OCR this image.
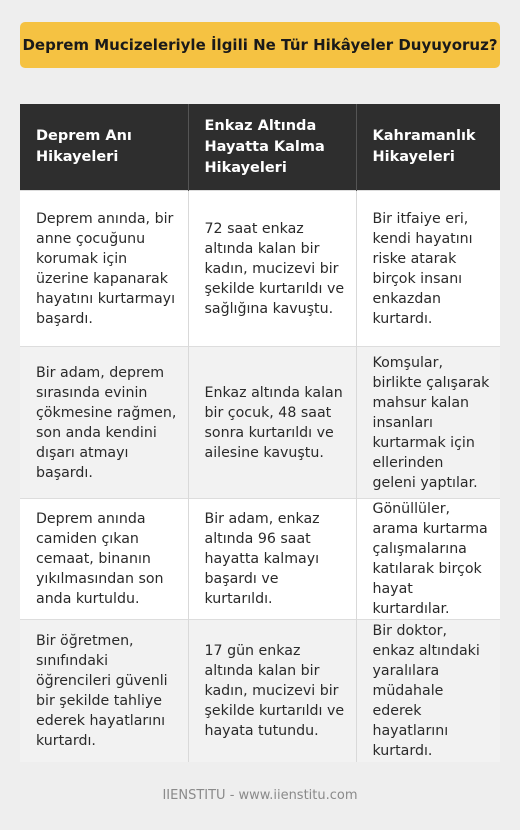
Deprem Mucizeleriyle İlgili Ne Tür Hikâyeler Duyuyoruz?
Deprem Anı Hikayeleri	Enkaz Altında Hayatta Kalma Hikayeleri	Kahramanlık Hikayeleri
Deprem anında, bir anne çocuğunu korumak için üzerine kapanarak hayatını kurtarmayı başardı.	72 saat enkaz altında kalan bir kadın, mucizevi bir şekilde kurtarıldı ve sağlığına kavuştu.	Bir itfaiye eri, kendi hayatını riske atarak birçok insanı enkazdan kurtardı.
Bir adam, deprem sırasında evinin çökmesine rağmen, son anda kendini dışarı atmayı başardı.	Enkaz altında kalan bir çocuk, 48 saat sonra kurtarıldı ve ailesine kavuştu.	Komşular, birlikte çalışarak mahsur kalan insanları kurtarmak için ellerinden geleni yaptılar.
Deprem anında camiden çıkan cemaat, binanın yıkılmasından son anda kurtuldu.	Bir adam, enkaz altında 96 saat hayatta kalmayı başardı ve kurtarıldı.	Gönüllüler, arama kurtarma çalışmalarına katılarak birçok hayat kurtardılar.
Bir öğretmen, sınıfındaki öğrencileri güvenli bir şekilde tahliye ederek hayatlarını kurtardı.	17 gün enkaz altında kalan bir kadın, mucizevi bir şekilde kurtarıldı ve hayata tutundu.	Bir doktor, enkaz altındaki yaralılara müdahale ederek hayatlarını kurtardı.
IIENSTITU - www.iienstitu.com
